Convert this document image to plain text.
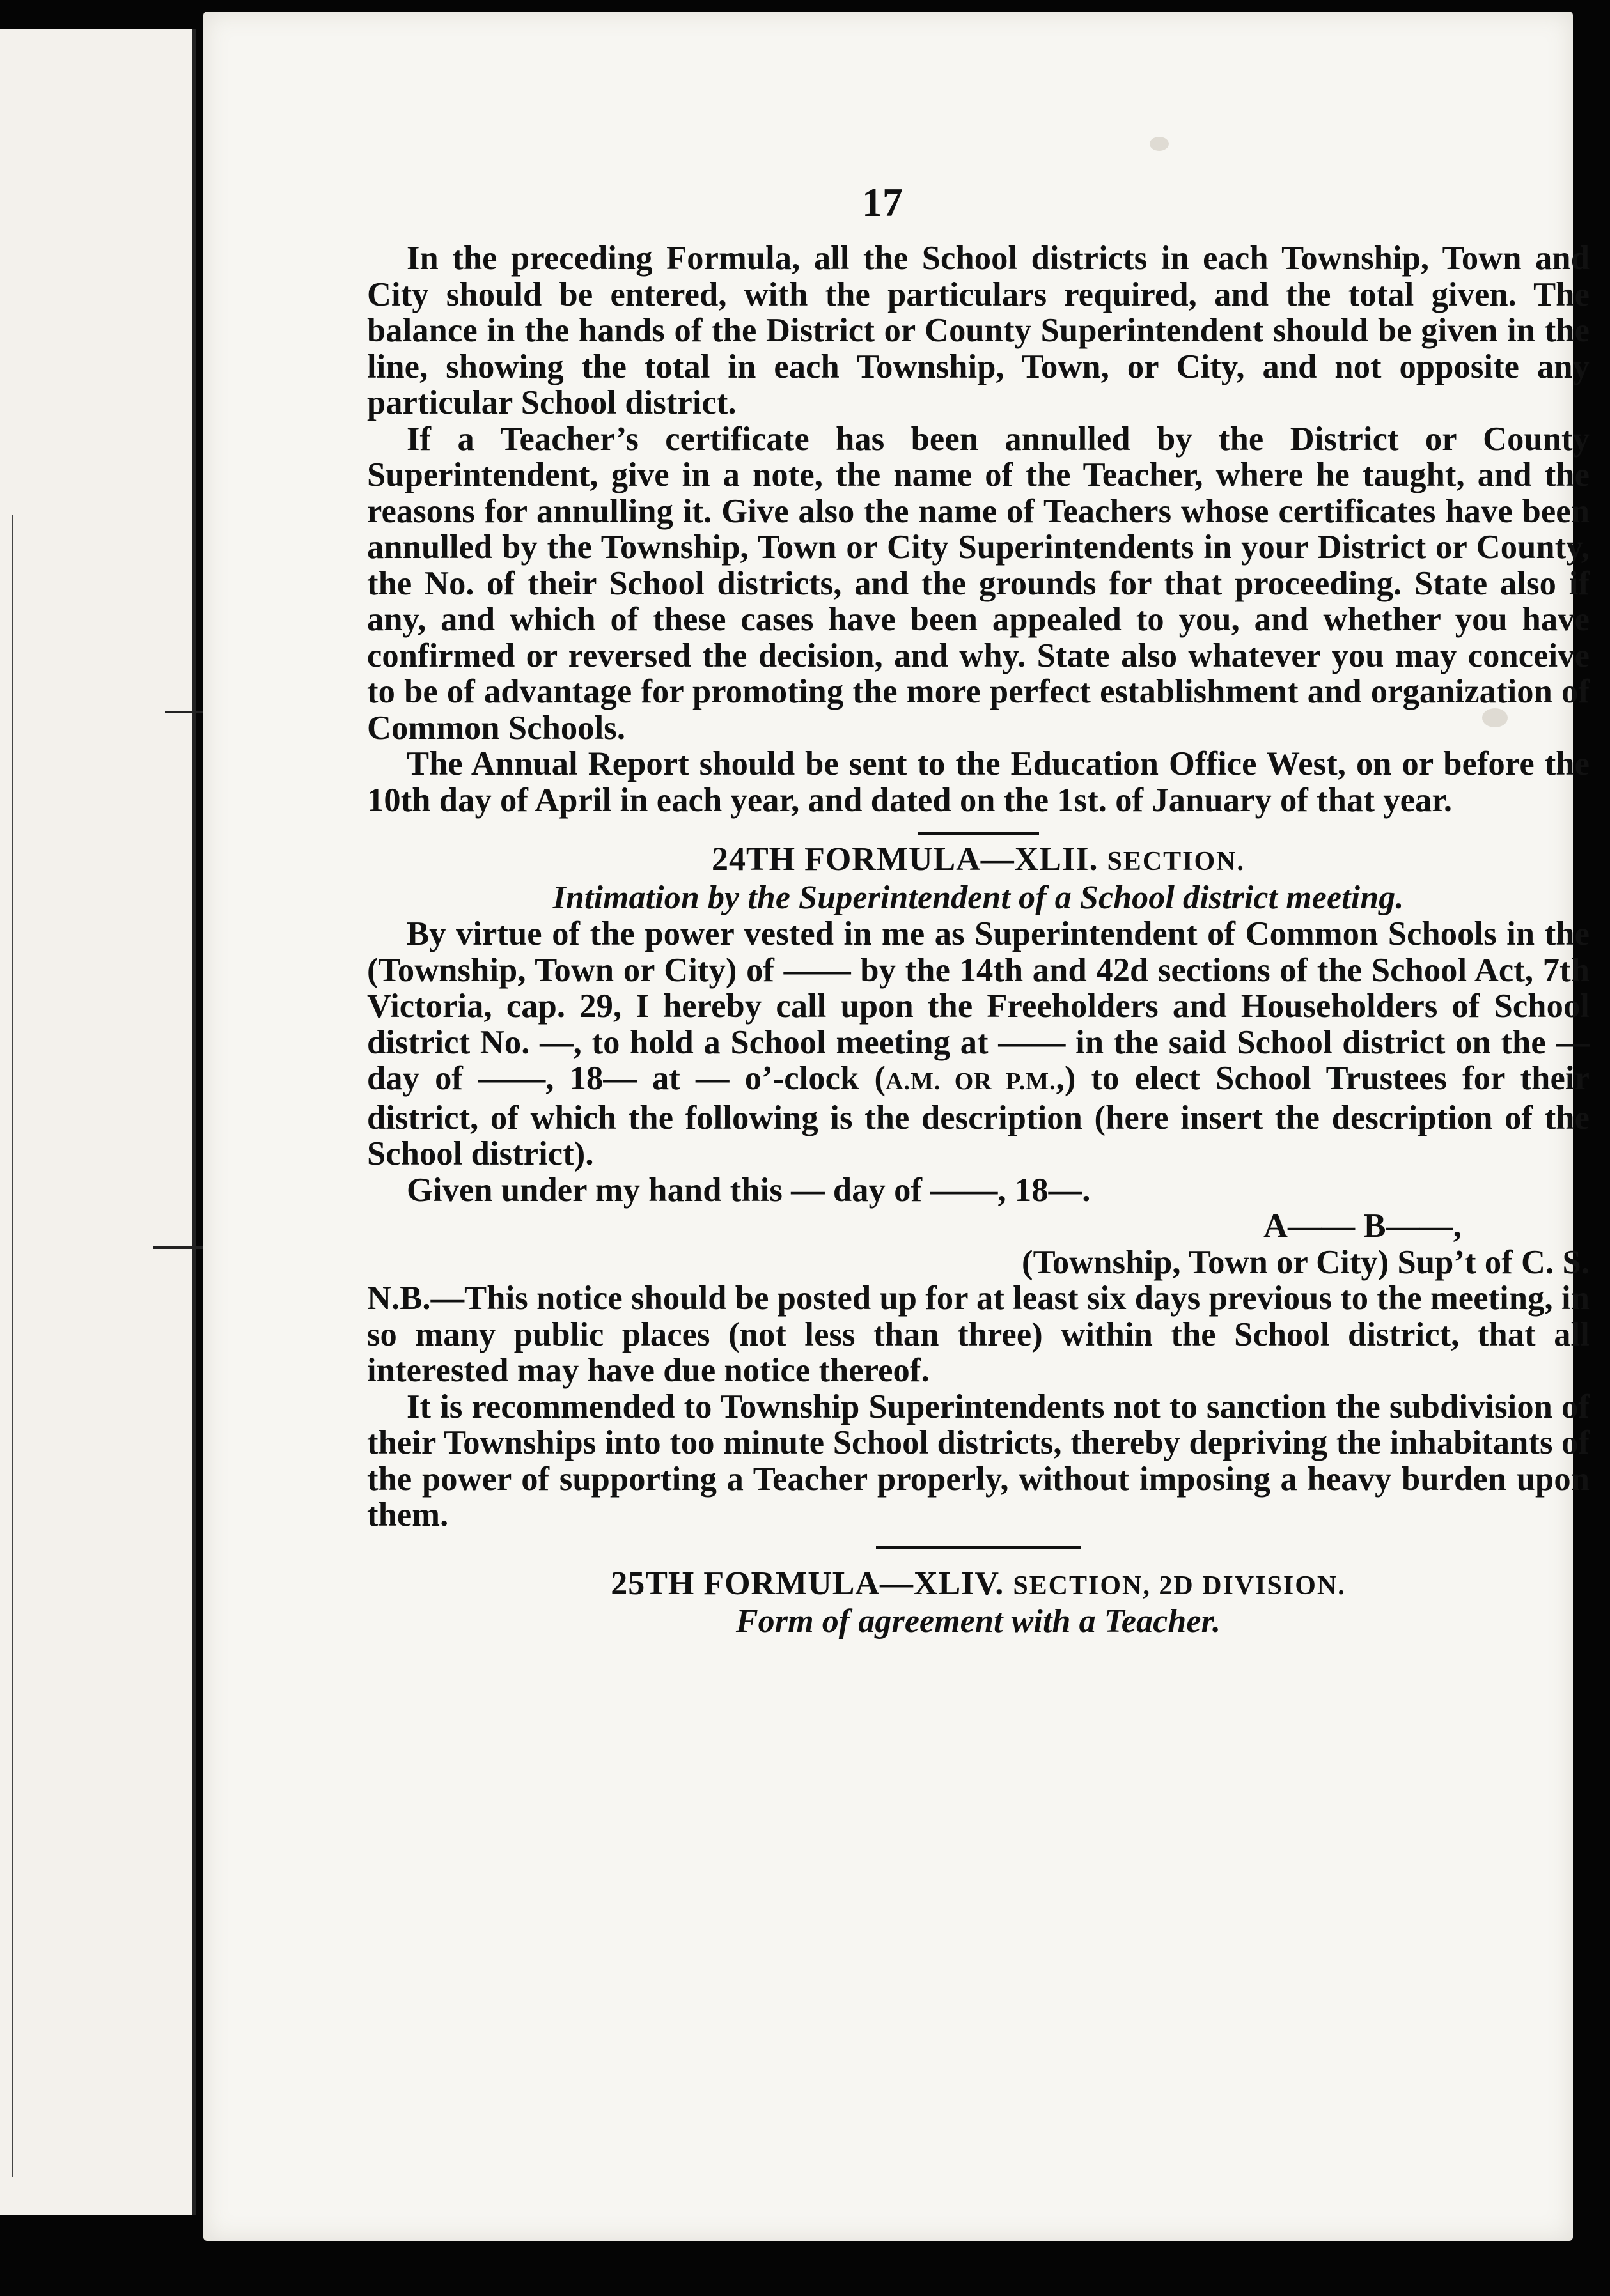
17

In the preceding Formula, all the School districts in each Township, Town and City should be entered, with the particulars required, and the total given. The balance in the hands of the District or County Superintendent should be given in the line, showing the total in each Township, Town, or City, and not opposite any particular School district.

If a Teacher’s certificate has been annulled by the District or County Superintendent, give in a note, the name of the Teacher, where he taught, and the reasons for annulling it. Give also the name of Teachers whose certificates have been annulled by the Township, Town or City Superintendents in your District or County, the No. of their School districts, and the grounds for that proceeding. State also if any, and which of these cases have been appealed to you, and whether you have confirmed or reversed the decision, and why. State also whatever you may conceive to be of advantage for promoting the more perfect establishment and organization of Common Schools.

The Annual Report should be sent to the Education Office West, on or before the 10th day of April in each year, and dated on the 1st. of January of that year.

24TH FORMULA—XLII. SECTION.

Intimation by the Superintendent of a School district meeting.

By virtue of the power vested in me as Superintendent of Common Schools in the (Township, Town or City) of —— by the 14th and 42d sections of the School Act, 7th Victoria, cap. 29, I hereby call upon the Freeholders and Householders of School district No. —, to hold a School meeting at —— in the said School district on the — day of ——, 18— at — o’-clock (A.M. OR P.M.,) to elect School Trustees for their district, of which the following is the description (here insert the description of the School district).

Given under my hand this — day of ——, 18—.

A—— B——,

(Township, Town or City) Sup’t of C. S.

N.B.—This notice should be posted up for at least six days previous to the meeting, in so many public places (not less than three) within the School district, that all interested may have due notice thereof.

It is recommended to Township Superintendents not to sanction the subdivision of their Townships into too minute School districts, thereby depriving the inhabitants of the power of supporting a Teacher properly, without imposing a heavy burden upon them.

25TH FORMULA—XLIV. SECTION, 2D DIVISION.

Form of agreement with a Teacher.
